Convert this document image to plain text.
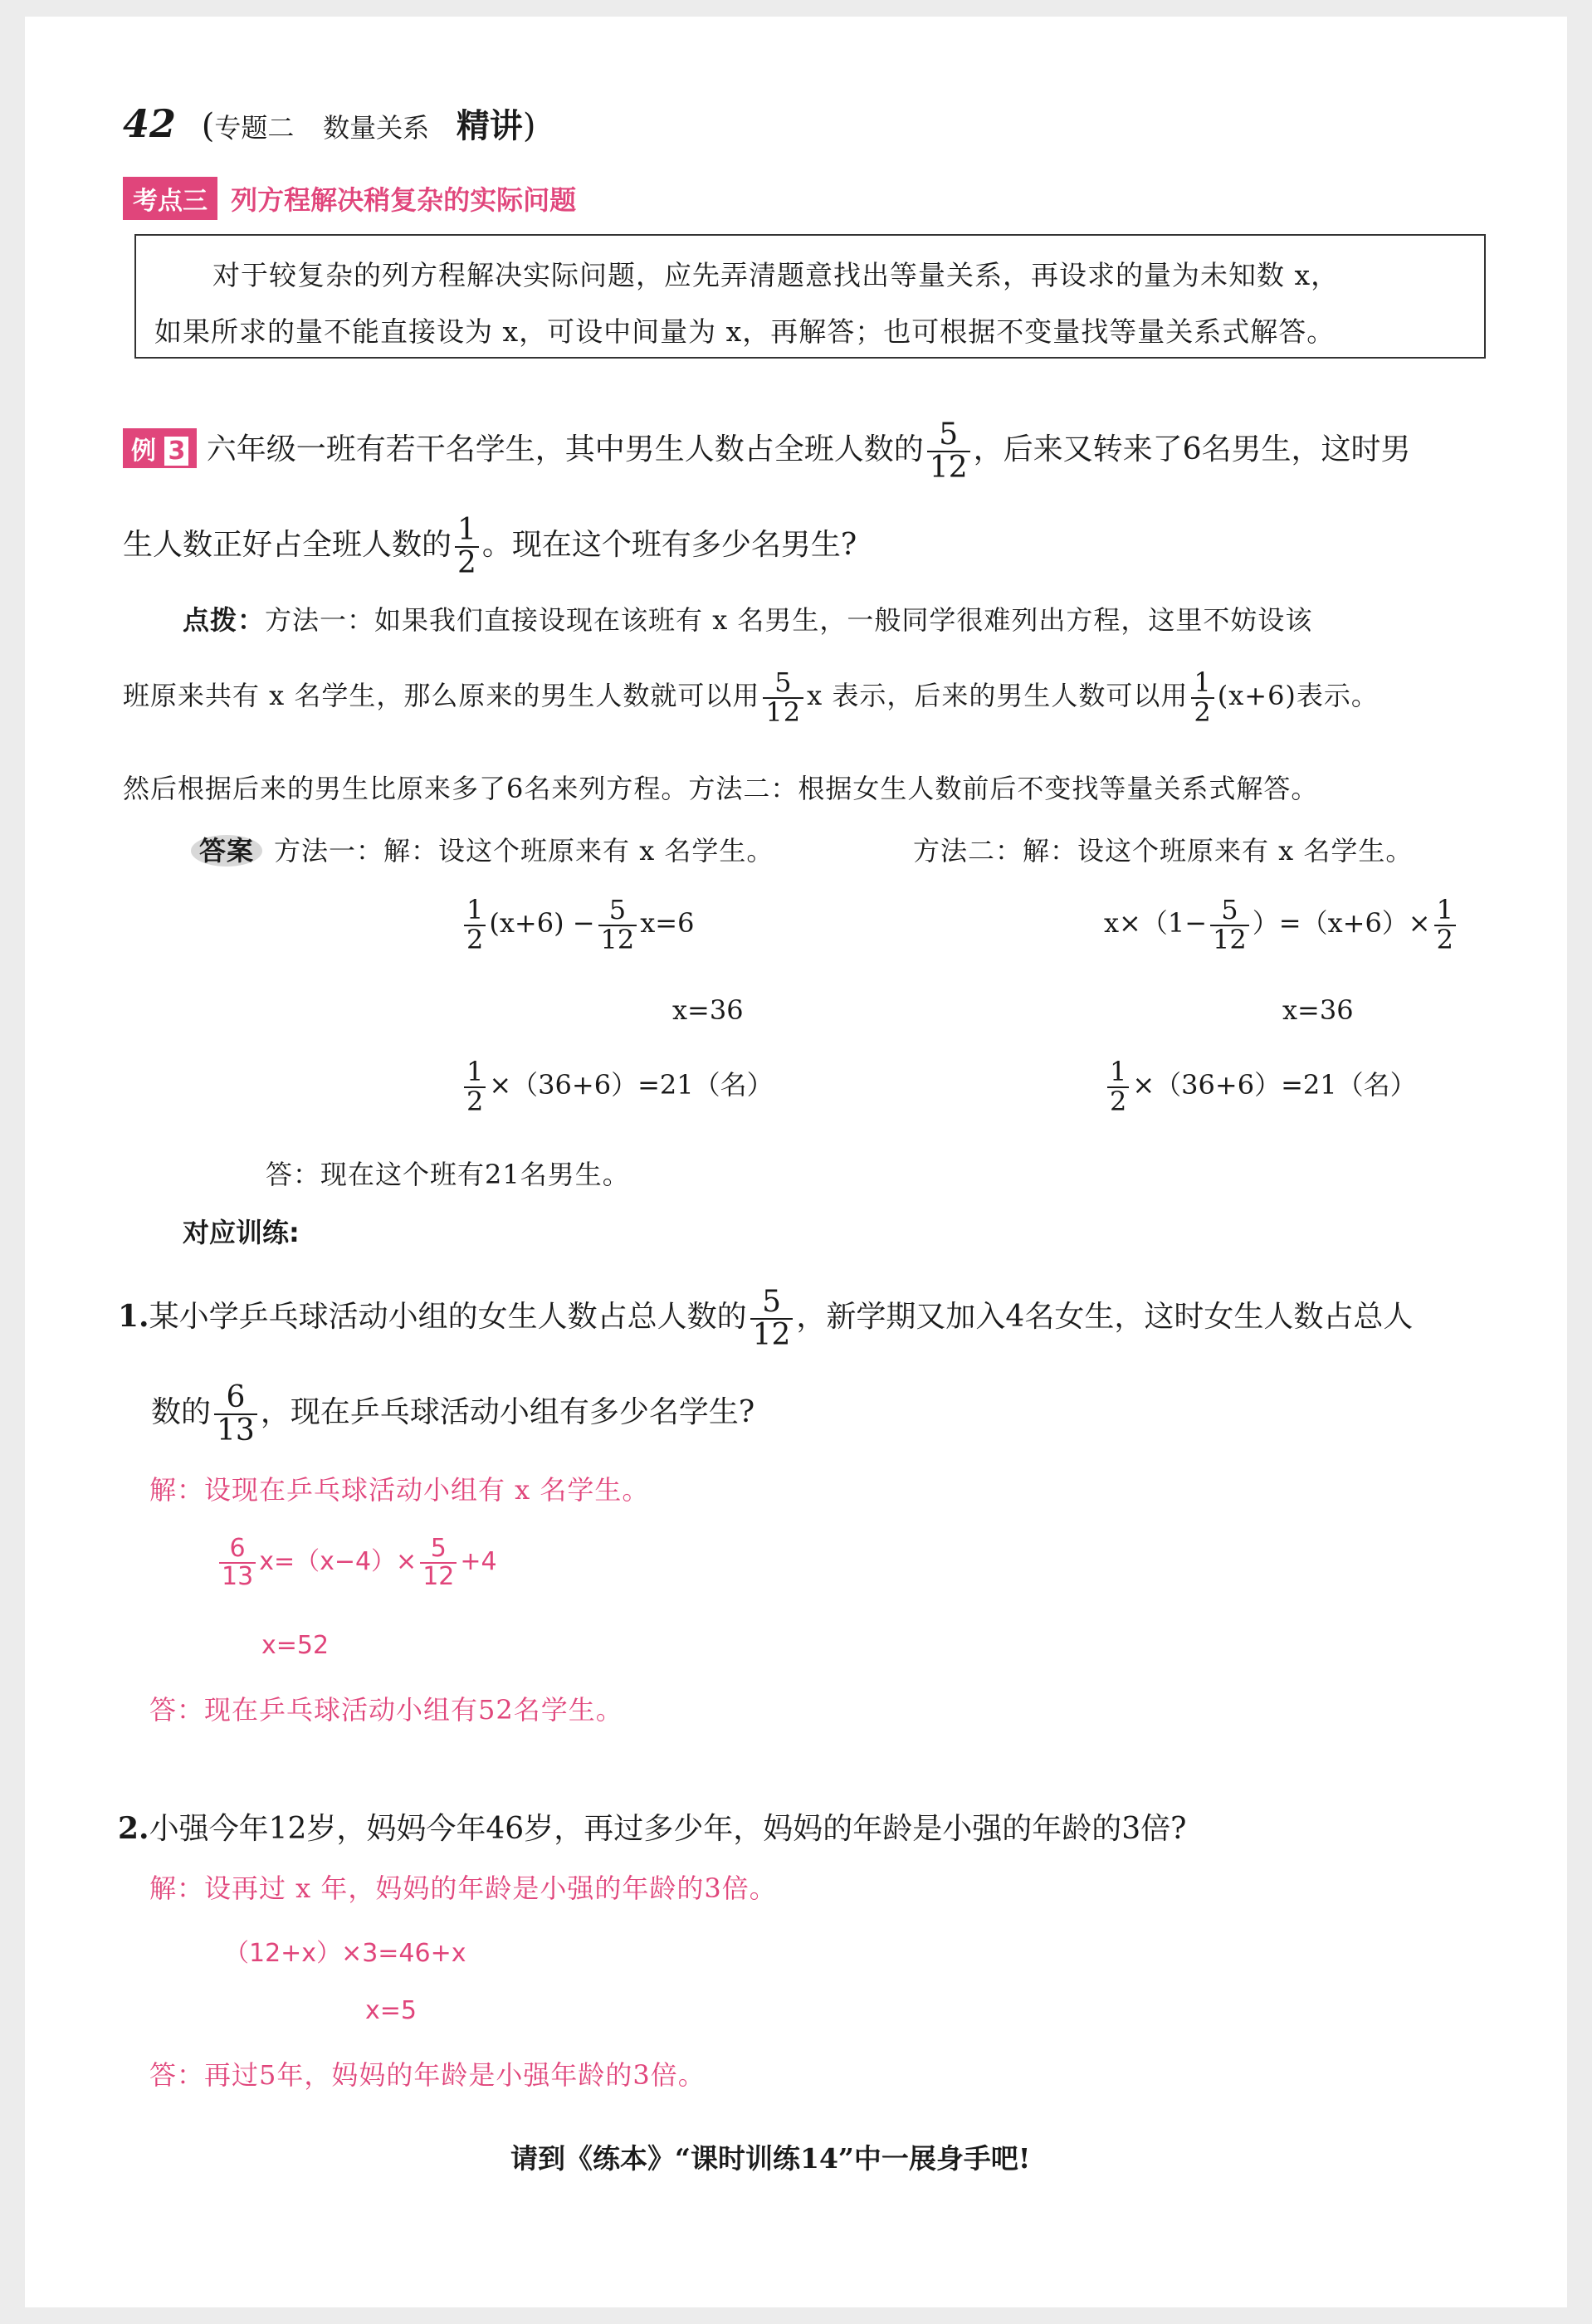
42 (专题二 数量关系 精讲)
考点三 列方程解决稍复杂的实际问题
对于较复杂的列方程解决实际问题，应先弄清题意找出等量关系，再设求的量为未知数 x，
如果所求的量不能直接设为 x，可设中间量为 x，再解答；也可根据不变量找等量关系式解答。
例 3 六年级一班有若干名学生，其中男生人数占全班人数的 $\frac{5}{12}$ ，后来又转来了6名男生，这时男
生人数正好占全班人数的 $\frac{1}{2}$ 。现在这个班有多少名男生?
点拨：方法一：如果我们直接设现在该班有 x 名男生，一般同学很难列出方程，这里不妨设该
班原来共有 x 名学生，那么原来的男生人数就可以用 $\frac{5}{12}$ x 表示，后来的男生人数可以用 $\frac{1}{2} (x+6)$表示。
然后根据后来的男生比原来多了6名来列方程。方法二：根据女生人数前后不变找等量关系式解答。
答案 方法一：解：设这个班原来有 x 名学生。	方法二：解：设这个班原来有 x 名学生。
$\frac{1}{2} (x+6) - \frac{5}{12} x=6$
x=36
$\frac{1}{2} \times(36+6)=21$（名）
$x\times(1- \frac{5}{12} )=(x+6)\times \frac{1}{2}$
x=36
$\frac{1}{2} \times(36+6)=21$（名）
答：现在这个班有21名男生。
对应训练:
1.某小学乒乓球活动小组的女生人数占总人数的 $\frac{5}{12}$ ，新学期又加入4名女生，这时女生人数占总人
数的 $\frac{6}{13}$ ，现在乒乓球活动小组有多少名学生?
解：设现在乒乓球活动小组有 x 名学生。
$\frac{6}{13} x=(x-4)\times \frac{5}{12} +4$
x=52
答：现在乒乓球活动小组有52名学生。
2.小强今年12岁，妈妈今年46岁，再过多少年，妈妈的年龄是小强的年龄的3倍?
解：设再过 x 年，妈妈的年龄是小强的年龄的3倍。
（12+x）×3=46+x
x=5
答：再过5年，妈妈的年龄是小强年龄的3倍。
请到《练本》“课时训练14”中一展身手吧!
